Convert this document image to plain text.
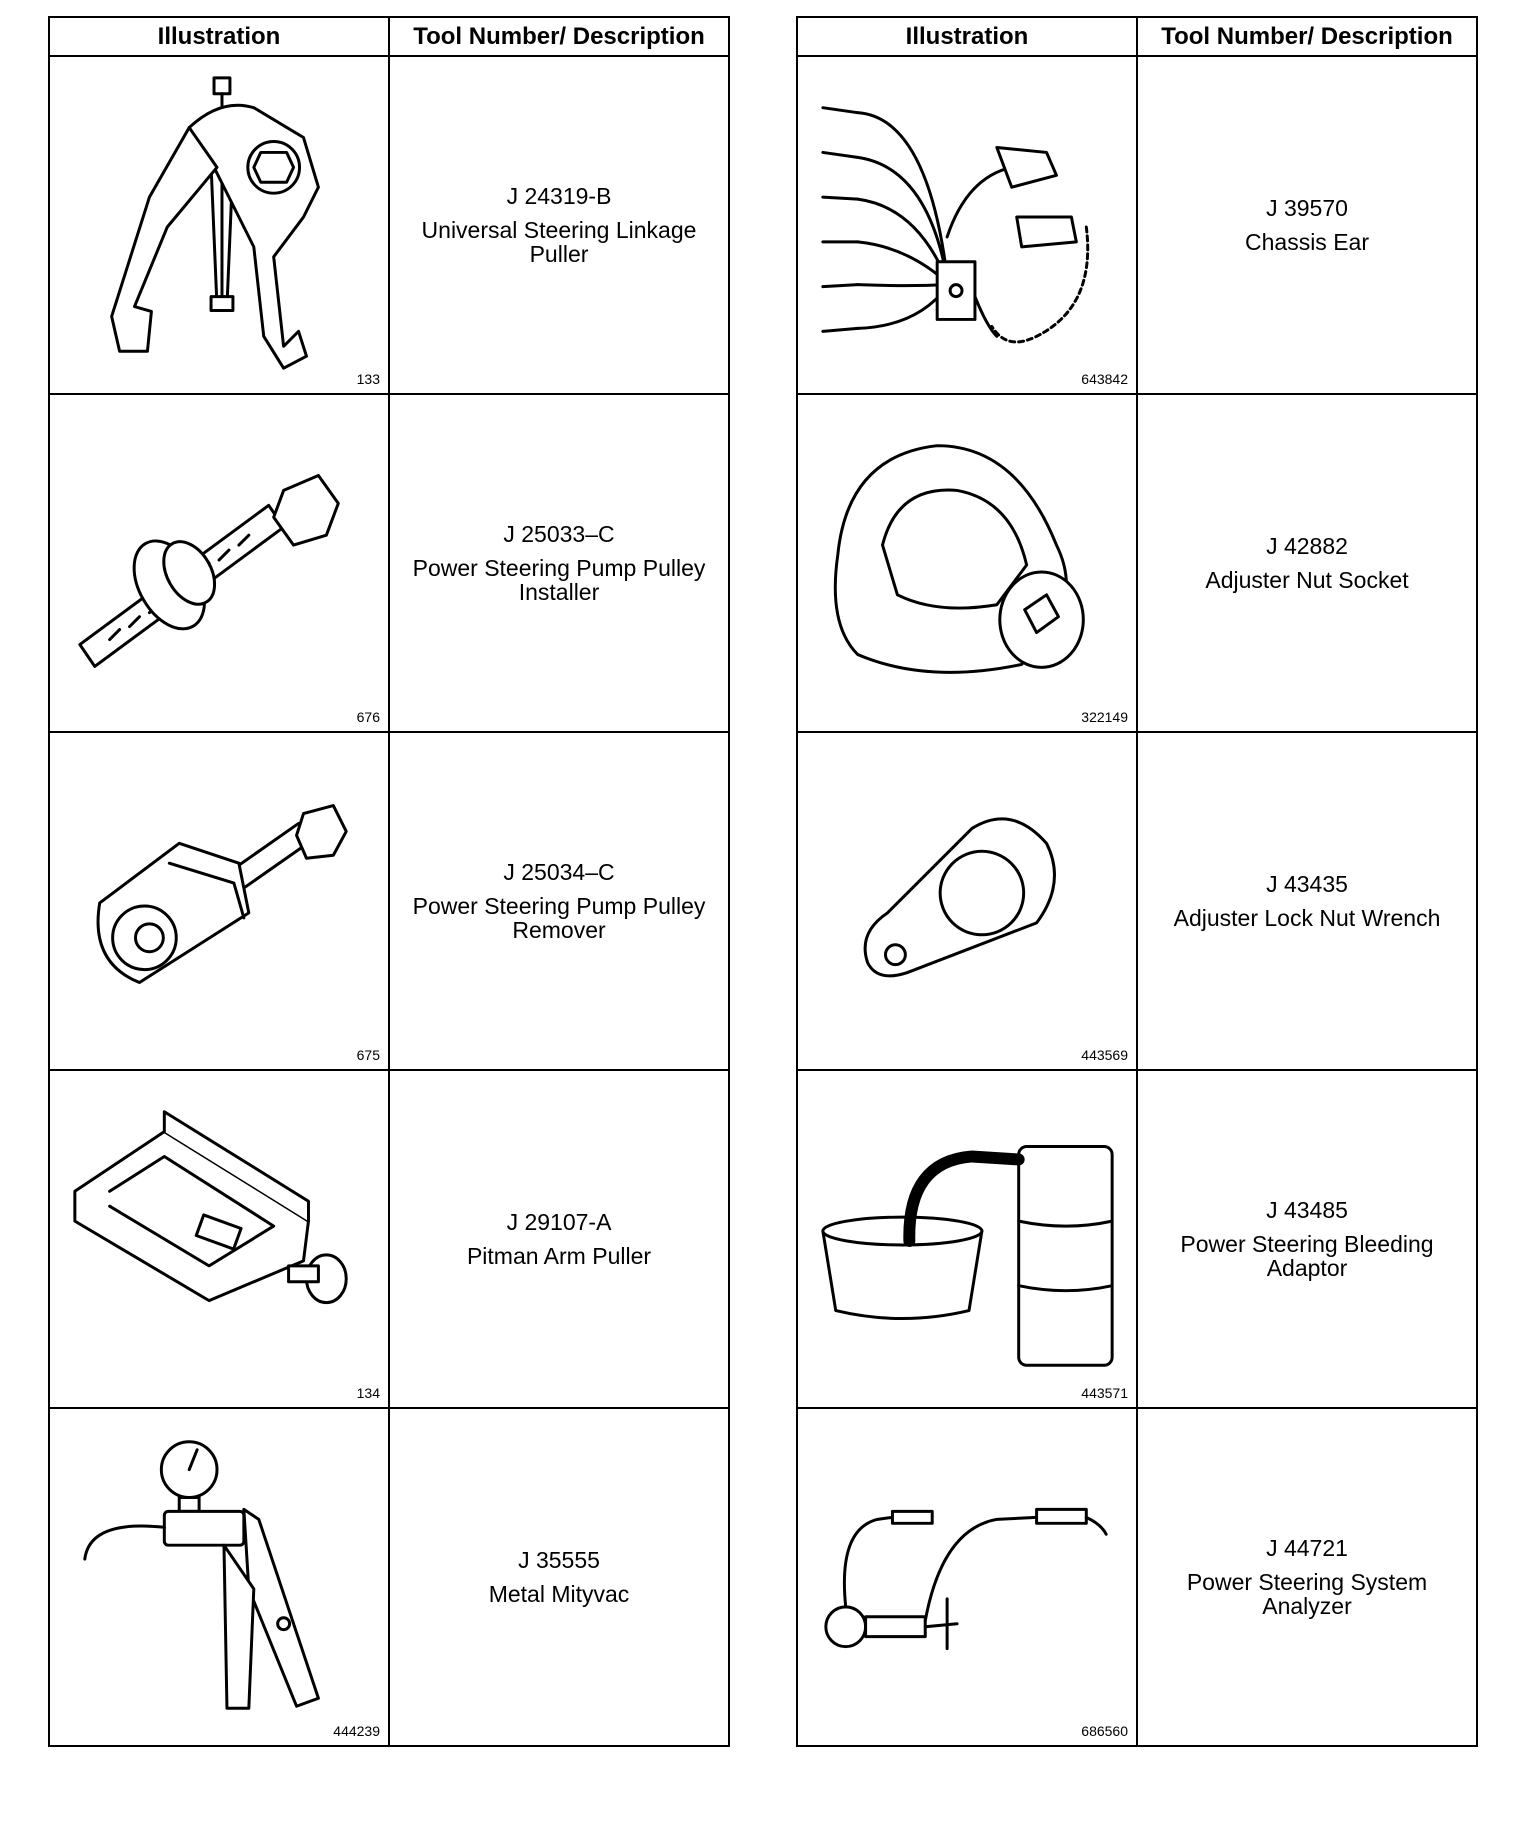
Illustration	Tool Number/ Description

133	J 24319-B
Universal Steering Linkage Puller

676	J 25033–C
Power Steering Pump Pulley Installer

675	J 25034–C
Power Steering Pump Pulley Remover

134	J 29107-A
Pitman Arm Puller

444239	J 35555
Metal Mityvac
Illustration	Tool Number/ Description

643842	J 39570
Chassis Ear

322149	J 42882
Adjuster Nut Socket

443569	J 43435
Adjuster Lock Nut Wrench

443571	J 43485
Power Steering Bleeding Adaptor

686560	J 44721
Power Steering System Analyzer
